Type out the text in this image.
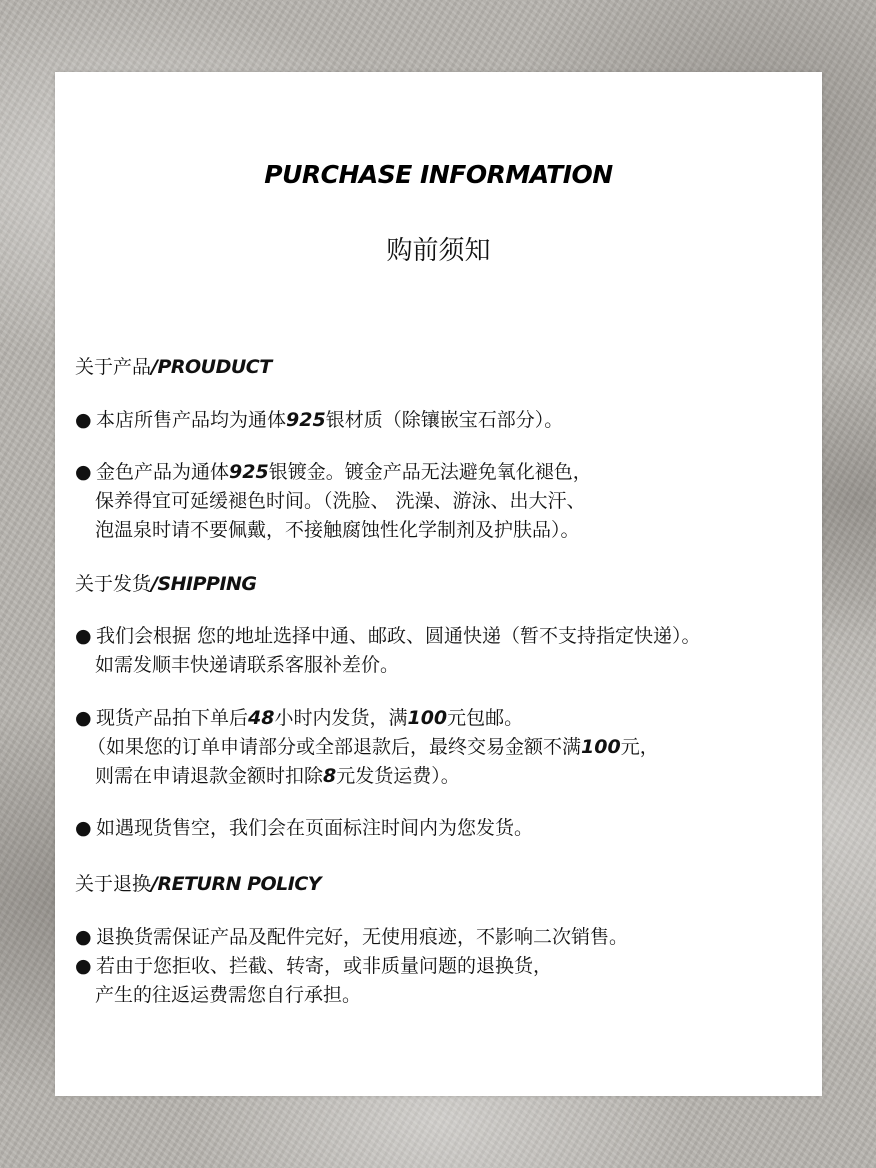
PURCHASE INFORMATION
购前须知
关于产品/PROUDUCT
● 本店所售产品均为通体925银材质（除镶嵌宝石部分）。
● 金色产品为通体925银镀金。镀金产品无法避免氧化褪色，
保养得宜可延缓褪色时间。（洗脸、 洗澡、游泳、出大汗、
泡温泉时请不要佩戴，不接触腐蚀性化学制剂及护肤品）。
关于发货/SHIPPING
● 我们会根据 您的地址选择中通、邮政、圆通快递（暂不支持指定快递）。
如需发顺丰快递请联系客服补差价。
● 现货产品拍下单后48小时内发货，满100元包邮。
（如果您的订单申请部分或全部退款后，最终交易金额不满100元，
则需在申请退款金额时扣除8元发货运费）。
● 如遇现货售空，我们会在页面标注时间内为您发货。
关于退换/RETURN POLICY
● 退换货需保证产品及配件完好，无使用痕迹，不影响二次销售。
● 若由于您拒收、拦截、转寄，或非质量问题的退换货，
产生的往返运费需您自行承担。
